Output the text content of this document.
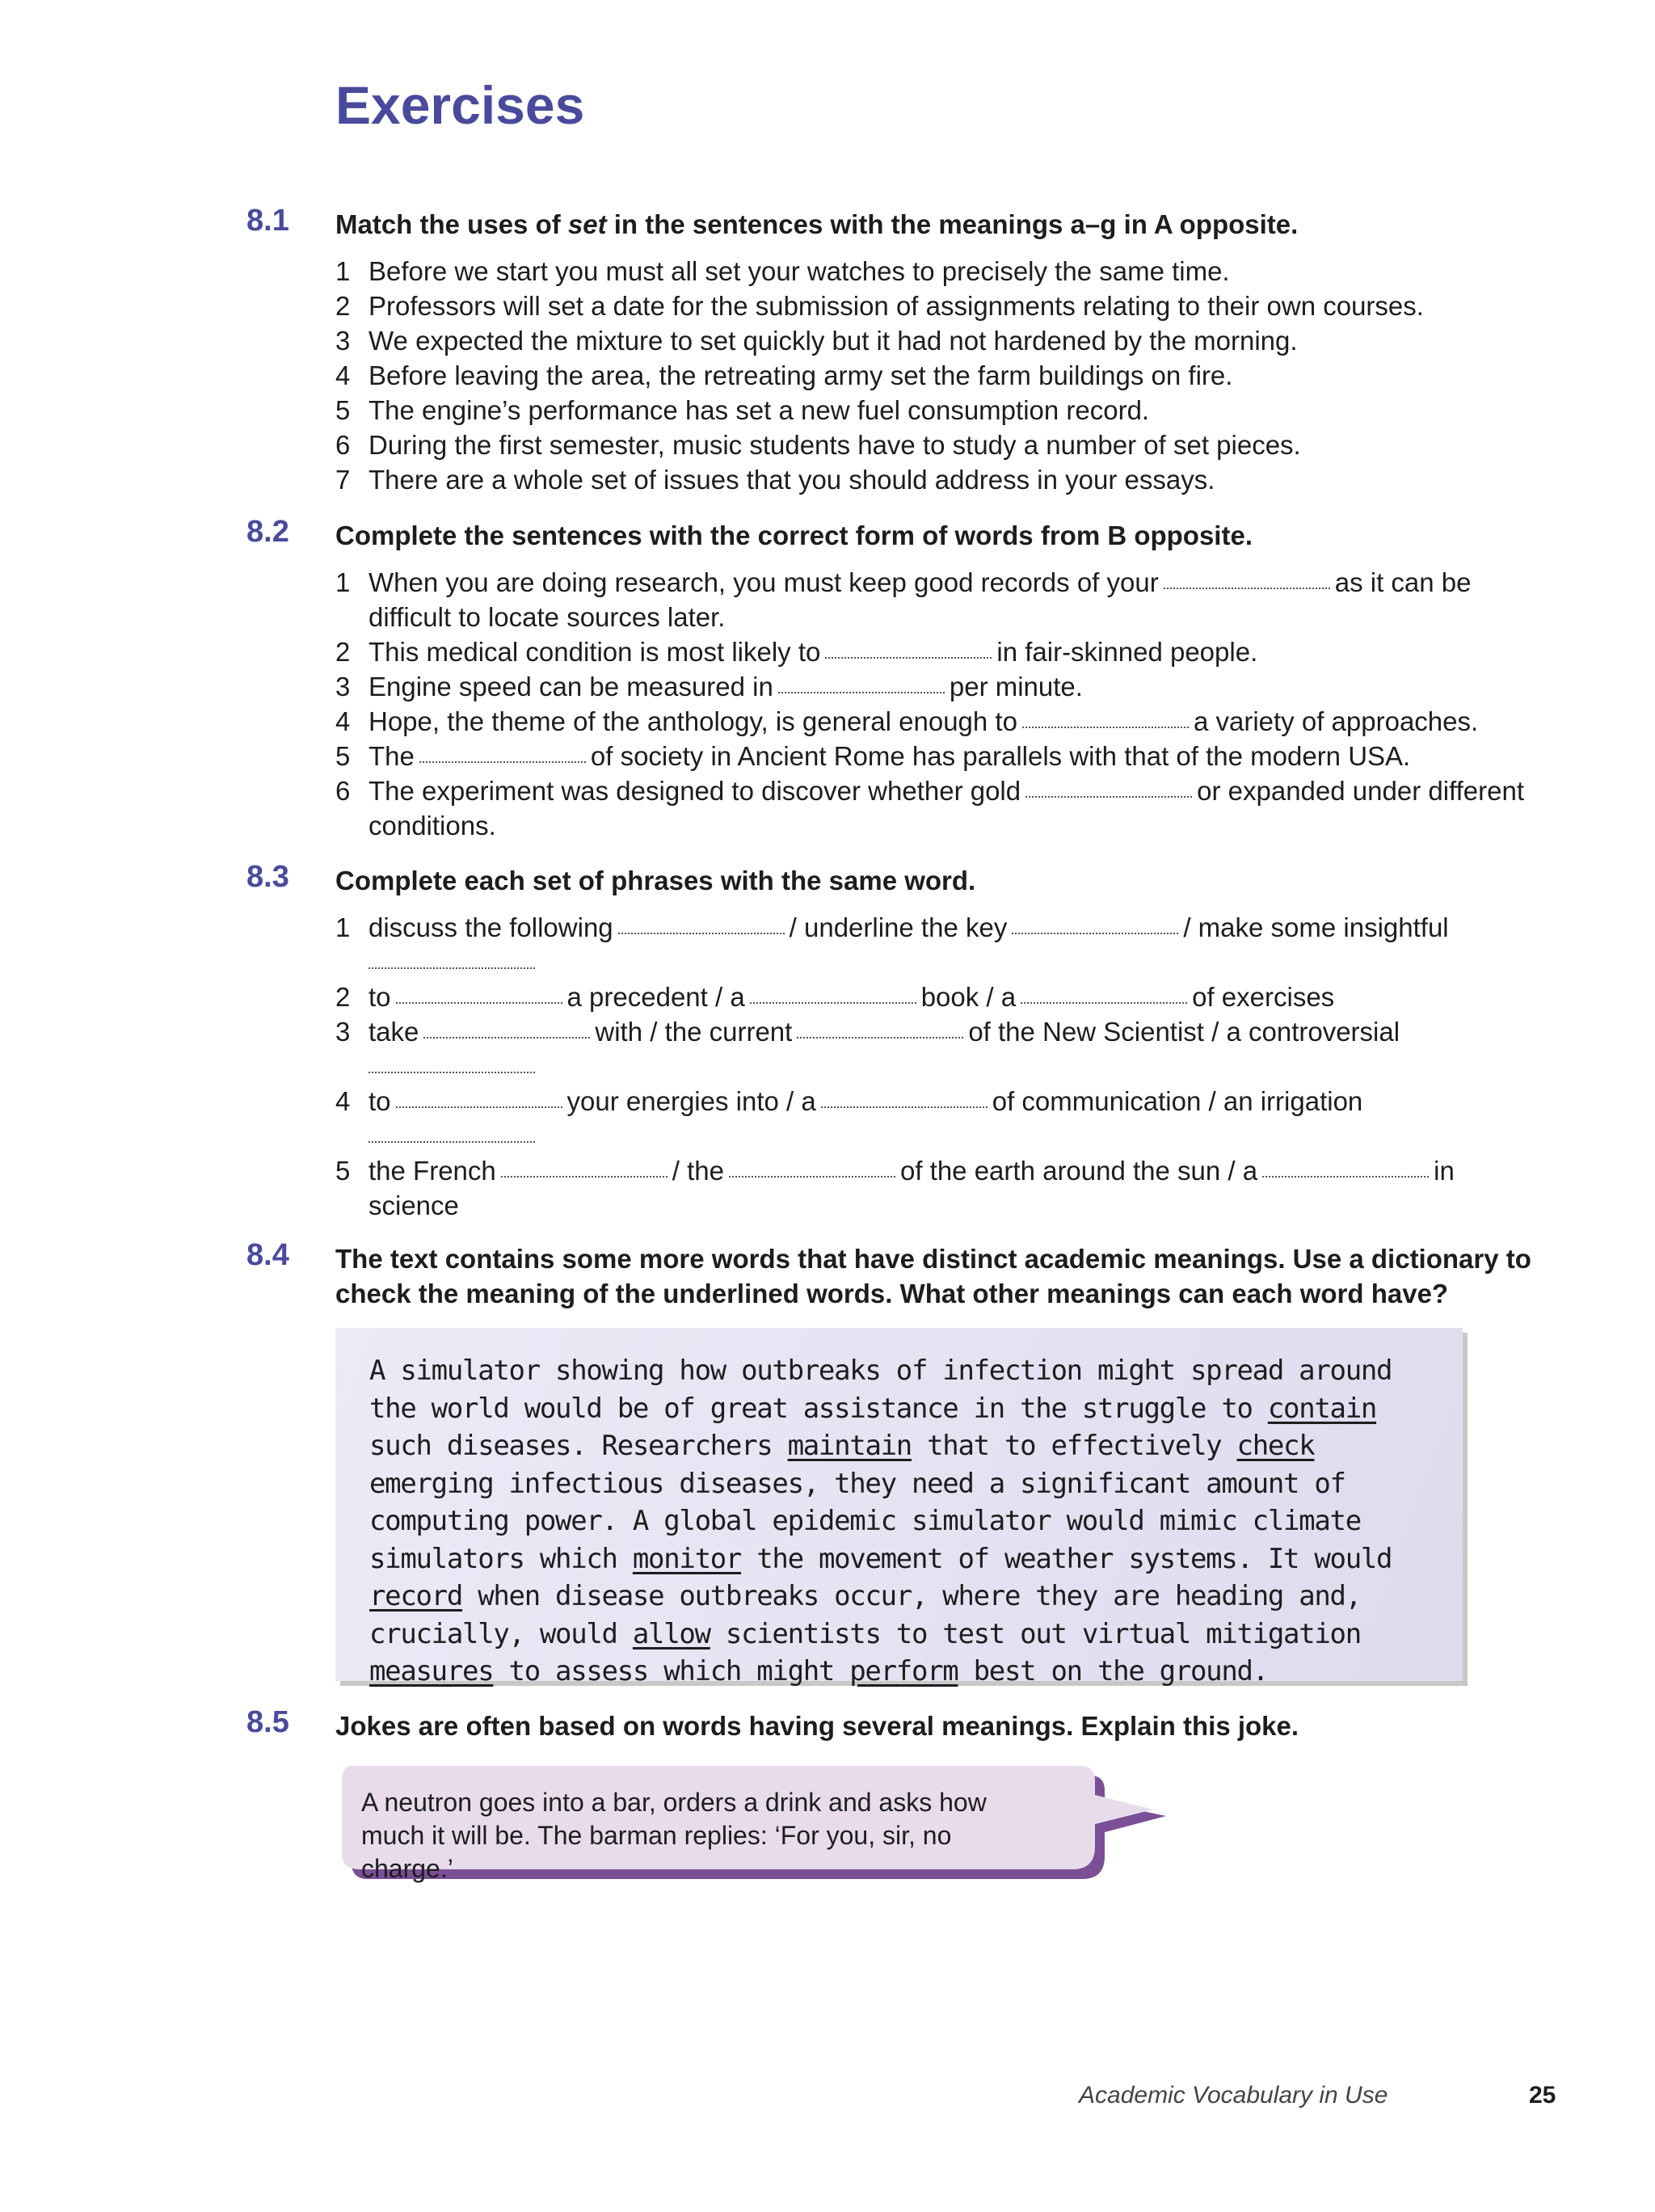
Exercises
8.1 Match the uses of set in the sentences with the meanings a–g in A opposite.
1 Before we start you must all set your watches to precisely the same time.
2 Professors will set a date for the submission of assignments relating to their own courses.
3 We expected the mixture to set quickly but it had not hardened by the morning.
4 Before leaving the area, the retreating army set the farm buildings on fire.
5 The engine’s performance has set a new fuel consumption record.
6 During the first semester, music students have to study a number of set pieces.
7 There are a whole set of issues that you should address in your essays.
8.2 Complete the sentences with the correct form of words from B opposite.
1 When you are doing research, you must keep good records of your	as it can be difficult to locate sources later.
2 This medical condition is most likely to	in fair-skinned people.
3 Engine speed can be measured in	per minute.
4 Hope, the theme of the anthology, is general enough to	a variety of approaches.
5 The	of society in Ancient Rome has parallels with that of the modern USA.
6 The experiment was designed to discover whether gold	or expanded under different conditions.
8.3 Complete each set of phrases with the same word.
1 discuss the following	/ underline the key	/ make some insightful

2 to	a precedent / a	book / a	of exercises
3 take	with / the current	of the New Scientist / a controversial

4 to	your energies into / a	of communication / an irrigation

5 the French	/ the	of the earth around the sun / a	in science
8.4 The text contains some more words that have distinct academic meanings. Use a dictionary to check the meaning of the underlined words. What other meanings can each word have?
A simulator showing how outbreaks of infection might spread around the world would be of great assistance in the struggle to contain such diseases. Researchers maintain that to effectively check emerging infectious diseases, they need a significant amount of computing power. A global epidemic simulator would mimic climate simulators which monitor the movement of weather systems. It would record when disease outbreaks occur, where they are heading and, crucially, would allow scientists to test out virtual mitigation measures to assess which might perform best on the ground.
8.5 Jokes are often based on words having several meanings. Explain this joke.
A neutron goes into a bar, orders a drink and asks how much it will be. The barman replies: ‘For you, sir, no charge.’
Academic Vocabulary in Use	25
